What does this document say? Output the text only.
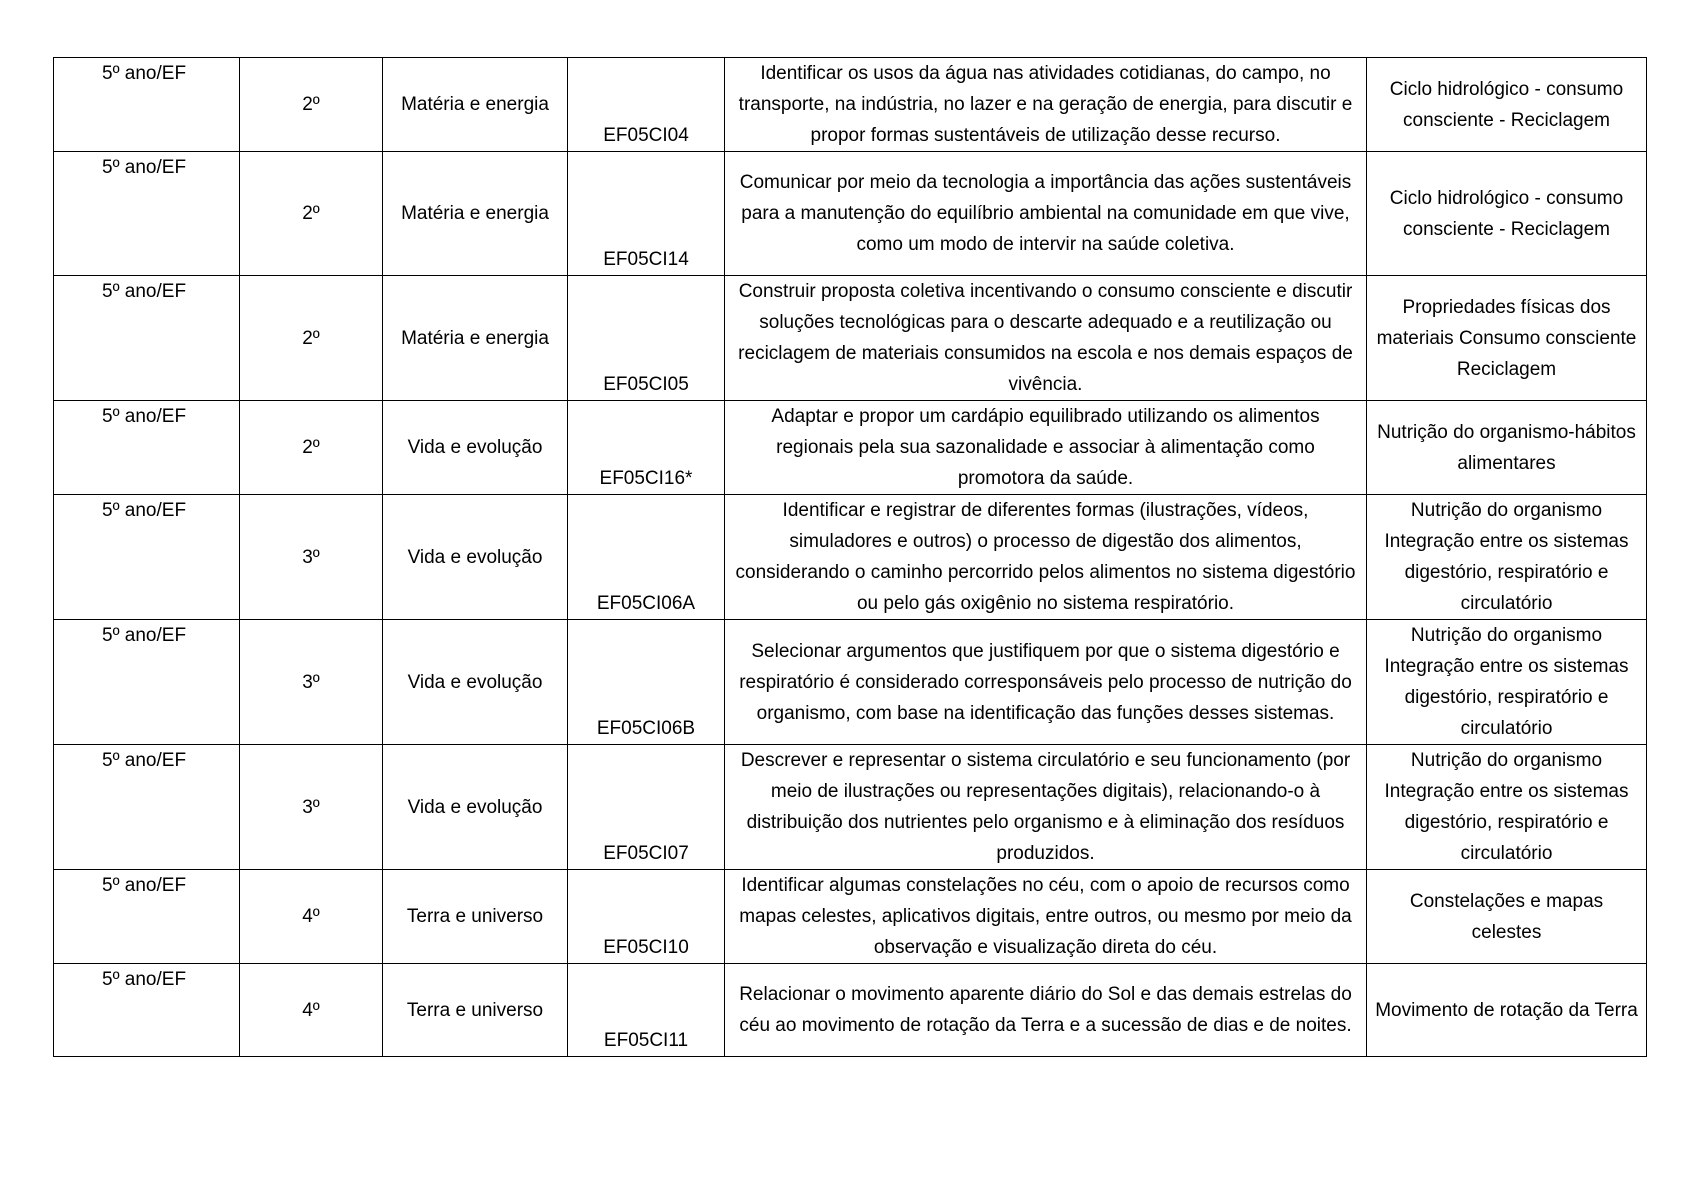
5º ano/EF	2º	Matéria e energia	EF05CI04	Identificar os usos da água nas atividades cotidianas, do campo, no transporte, na indústria, no lazer e na geração de energia, para discutir e propor formas sustentáveis de utilização desse recurso.	Ciclo hidrológico - consumo consciente - Reciclagem

5º ano/EF	2º	Matéria e energia	EF05CI14	Comunicar por meio da tecnologia a importância das ações sustentáveis para a manutenção do equilíbrio ambiental na comunidade em que vive, como um modo de intervir na saúde coletiva.	Ciclo hidrológico - consumo consciente - Reciclagem

5º ano/EF	2º	Matéria e energia	EF05CI05	Construir proposta coletiva incentivando o consumo consciente e discutir soluções tecnológicas para o descarte adequado e a reutilização ou reciclagem de materiais consumidos na escola e nos demais espaços de vivência.	Propriedades físicas dos materiais Consumo consciente Reciclagem

5º ano/EF	2º	Vida e evolução	EF05CI16*	Adaptar e propor um cardápio equilibrado utilizando os alimentos regionais pela sua sazonalidade e associar à alimentação como promotora da saúde.	Nutrição do organismo-hábitos alimentares

5º ano/EF	3º	Vida e evolução	EF05CI06A	Identificar e registrar de diferentes formas (ilustrações, vídeos, simuladores e outros) o processo de digestão dos alimentos, considerando o caminho percorrido pelos alimentos no sistema digestório ou pelo gás oxigênio no sistema respiratório.	Nutrição do organismo Integração entre os sistemas digestório, respiratório e circulatório

5º ano/EF	3º	Vida e evolução	EF05CI06B	Selecionar argumentos que justifiquem por que o sistema digestório e respiratório é considerado corresponsáveis pelo processo de nutrição do organismo, com base na identificação das funções desses sistemas.	Nutrição do organismo Integração entre os sistemas digestório, respiratório e circulatório

5º ano/EF	3º	Vida e evolução	EF05CI07	Descrever e representar o sistema circulatório e seu funcionamento (por meio de ilustrações ou representações digitais), relacionando-o à distribuição dos nutrientes pelo organismo e à eliminação dos resíduos produzidos.	Nutrição do organismo Integração entre os sistemas digestório, respiratório e circulatório

5º ano/EF	4º	Terra e universo	EF05CI10	Identificar algumas constelações no céu, com o apoio de recursos como mapas celestes, aplicativos digitais, entre outros, ou mesmo por meio da observação e visualização direta do céu.	Constelações e mapas celestes

5º ano/EF	4º	Terra e universo	EF05CI11	Relacionar o movimento aparente diário do Sol e das demais estrelas do céu ao movimento de rotação da Terra e a sucessão de dias e de noites.	Movimento de rotação da Terra
